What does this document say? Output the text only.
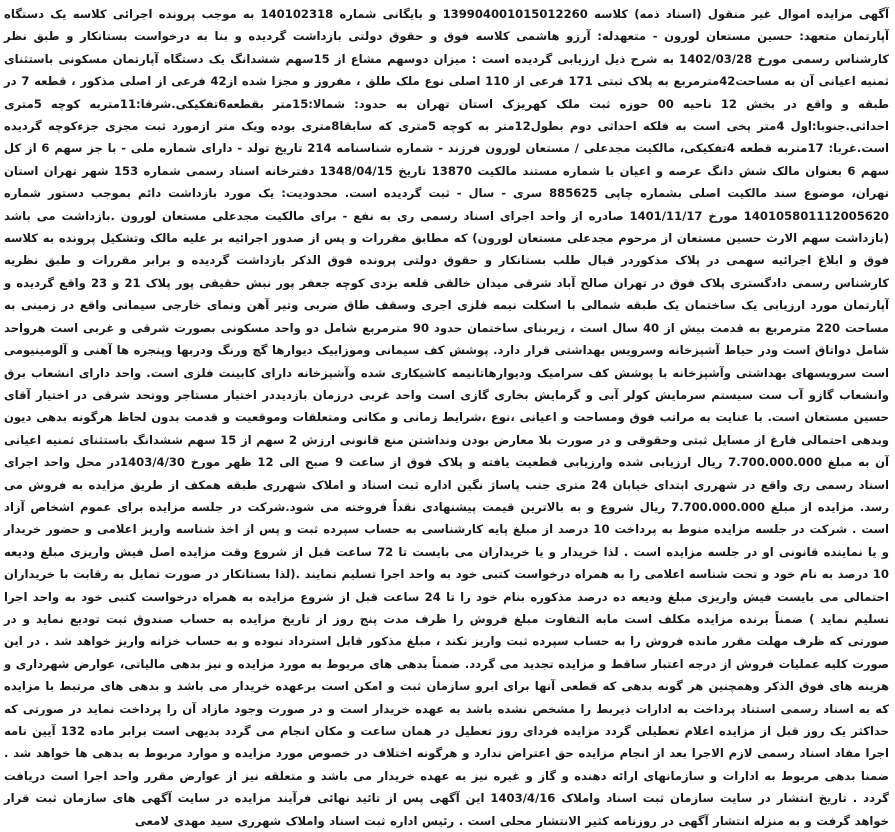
آگهی مزایده اموال غیر منقول (اسناد ذمه) کلاسه 139904001015012260 و بایگانی شماره 140102318 به موجب پرونده اجرائی کلاسه یک دستگاه آپارتمان متعهد: حسین مستعان لورون - متعهدله: آرزو هاشمی کلاسه فوق و حقوق دولتی بازداشت گردیده و بنا به درخواست بستانکار و طبق نظر کارشناس رسمی مورخ 1402/03/28 به شرح ذیل ارزیابی گردیده است : میزان دوسهم مشاع از 15سهم ششدانگ یک دستگاه آپارتمان مسکونی باستثنای ثمنیه اعیانی آن به مساحت42مترمربع به پلاک ثبتی 171 فرعی از 110 اصلی نوع ملک طلق ، مفروز و مجزا شده از42 فرعی از اصلی مذکور ، قطعه 7 در طبقه و واقع در بخش 12 ناحیه 00 حوزه ثبت ملک کهریزک استان تهران به حدود: شمالا:15متر بقطعه6تفکیکی.شرقا:11متربه کوچه 5متری احداثی.جنوبا:اول 4متر پخی است به فلکه احداثی دوم بطول12متر به کوچه 5متری که سابقا8متری بوده ویک متر ازمورد ثبت مجزی جزءکوچه گردیده است.غربا: 17متربه قطعه 4تفکیکی، مالکیت مجدعلی / مستعان لورون فرزند - شماره شناسنامه 214 تاریخ تولد - دارای شماره ملی - با جز سهم 6 از کل سهم 6 بعنوان مالک شش دانگ عرصه و اعیان با شماره مستند مالکیت 13870 تاریخ 1348/04/15 دفترخانه اسناد رسمی شماره 153 شهر تهران استان تهران، موضوع سند مالکیت اصلی بشماره چاپی 885625 سری - سال - ثبت گردیده است. محدودیت: یک مورد بازداشت دائم بموجب دستور شماره 140105801112005620 مورخ 1401/11/17 صادره از واحد اجرای اسناد رسمی ری به نفع - برای مالکیت مجدعلی مستعان لورون .بازداشت می باشد (بازداشت سهم الارث حسین مستعان از مرحوم مجدعلی مستعان لورون) که مطابق مقررات و پس از صدور اجرائیه بر علیه مالک وتشکیل پرونده به کلاسه فوق و ابلاغ اجرائیه سهمی در پلاک مذکوردر قبال طلب بستانکار و حقوق دولتی پرونده فوق الذکر بازداشت گردیده و برابر مقررات و طبق نظریه کارشناس رسمی دادگستری پلاک فوق در تهران صالح آباد شرقی میدان خالقی قلعه بزدی کوچه جعفر پور نبش حقیقی پور پلاک 21 و 23 واقع گردیده و آپارتمان مورد ارزیابی یک ساختمان یک طبقه شمالی با اسکلت نیمه فلزی اجری وسقف طاق ضربی وتیر آهن ونمای خارجی سیمانی واقع در زمینی به مساحت 220 مترمربع به قدمت بیش از 40 سال است ، زیربنای ساختمان حدود 90 مترمربع شامل دو واحد مسکونی بصورت شرقی و غربی است هرواحد شامل دواتاق است ودر حیاط آشپزخانه وسرویس بهداشتی قرار دارد. پوشش کف سیمانی وموزاییک دیوارها گچ ورنگ ودربها وپنجره ها آهنی و آلومینیومی است سرویسهای بهداشتی وآشپزخانه با پوشش کف سرامیک ودیوارهاتانیمه کاشیکاری شده وآشپزخانه دارای کابینت فلزی است. واحد دارای انشعاب برق وانشعاب گازو آب ست سیستم سرمایش کولر آبی و گرمایش بخاری گازی است واحد غربی درزمان بازدیددر اختیار مستاجر ووتحد شرقی در اختیار آقای حسین مستعان است. با عنایت به مراتب فوق ومساحت و اعیانی ،نوع ،شرایط زمانی و مکانی ومتعلقات وموقعیت و قدمت بدون لحاظ هرگونه بدهی دیون وبدهی احتمالی فارغ از مسایل ثبتی وحقوقی و در صورت بلا معارض بودن ونداشتن منع قانونی ارزش 2 سهم از 15 سهم ششدانگ باستثنای ثمنیه اعیانی آن به مبلغ 7.700.000.000 ریال ارزیابی شده وارزیابی قطعیت یافته و پلاک فوق از ساعت 9 صبح الی 12 ظهر مورخ 1403/4/30در محل واحد اجرای اسناد رسمی ری واقع در شهرری ابتدای خیابان 24 متری جنب پاساژ نگین اداره ثبت اسناد و املاک شهرری طبقه همکف از طریق مزایده به فروش می رسد. مزایده از مبلغ 7.700.000.000 ریال شروع و به بالاترین قیمت پیشنهادی نقداً فروخته می شود.شرکت در جلسه مزایده برای عموم اشخاص آزاد است . شرکت در جلسه مزایده منوط به پرداخت 10 درصد از مبلغ پایه کارشناسی به حساب سپرده ثبت و پس از اخذ شناسه واریز اعلامی و حضور خریدار و یا نماینده قانونی او در جلسه مزایده است . لذا خریدار و یا خریداران می بایست تا 72 ساعت قبل از شروع وقت مزایده اصل فیش واریزی مبلغ ودیعه 10 درصد به نام خود و تحت شناسه اعلامی را به همراه درخواست کتبی خود به واحد اجرا تسلیم نمایند .(لذا بستانکار در صورت تمایل به رقابت با خریداران احتمالی می بایست فیش واریزی مبلغ ودیعه ده درصد مذکوره بنام خود را تا 24 ساعت قبل از شروع مزایده به همراه درخواست کتبی خود به واحد اجرا تسلیم نماید ) ضمناً برنده مزایده مکلف است مابه التفاوت مبلغ فروش را ظرف مدت پنج روز از تاریخ مزایده به حساب صندوق ثبت تودیع نماید و در صورتی که ظرف مهلت مقرر مانده فروش را به حساب سپرده ثبت واریز نکند ، مبلغ مذکور قابل استرداد نبوده و به حساب خزانه واریز خواهد شد . در این صورت کلیه عملیات فروش از درجه اعتبار ساقط و مزایده تجدید می گردد. ضمناً بدهی های مربوط به مورد مزایده و نیز بدهی مالیاتی، عوارض شهرداری و هزینه های فوق الذکر وهمچنین هر گونه بدهی که قطعی آنها برای ابرو سازمان ثبت و امکن است برعهده خریدار می باشد و بدهی های مرتبط با مزایده که به اسناد رسمی استناد پرداخت به ادارات ذیربط را مشخص نشده باشد به عهده خریدار است و در صورت وجود مازاد آن را پرداخت نماید در صورتی که حداکثر یک روز قبل از مزایده اعلام تعطیلی گردد مزایده فردای روز تعطیل در همان ساعت و مکان انجام می گردد بدیهی است برابر ماده 132 آیین نامه اجرا مفاد اسناد رسمی لازم الاجرا بعد از انجام مزایده حق اعتراض ندارد و هرگونه اختلاف در خصوص مورد مزایده و موارد مربوط به بدهی ها خواهد شد . ضمنا بدهی مربوط به ادارات و سازمانهای ارائه دهنده و گاز و غیره نیز به عهده خریدار می باشد و متعلقه نیز از عوارض مقرر واحد اجرا است دریافت گردد . تاریخ انتشار در سایت سازمان ثبت اسناد واملاک 1403/4/16 این آگهی پس از تائید نهائی فرآیند مزایده در سایت آگهی های سازمان ثبت قرار خواهد گرفت و به منزله انتشار آگهی در روزنامه کثیر الانتشار محلی است . رئیس اداره ثبت اسناد واملاک شهرری سید مهدی لامعی
